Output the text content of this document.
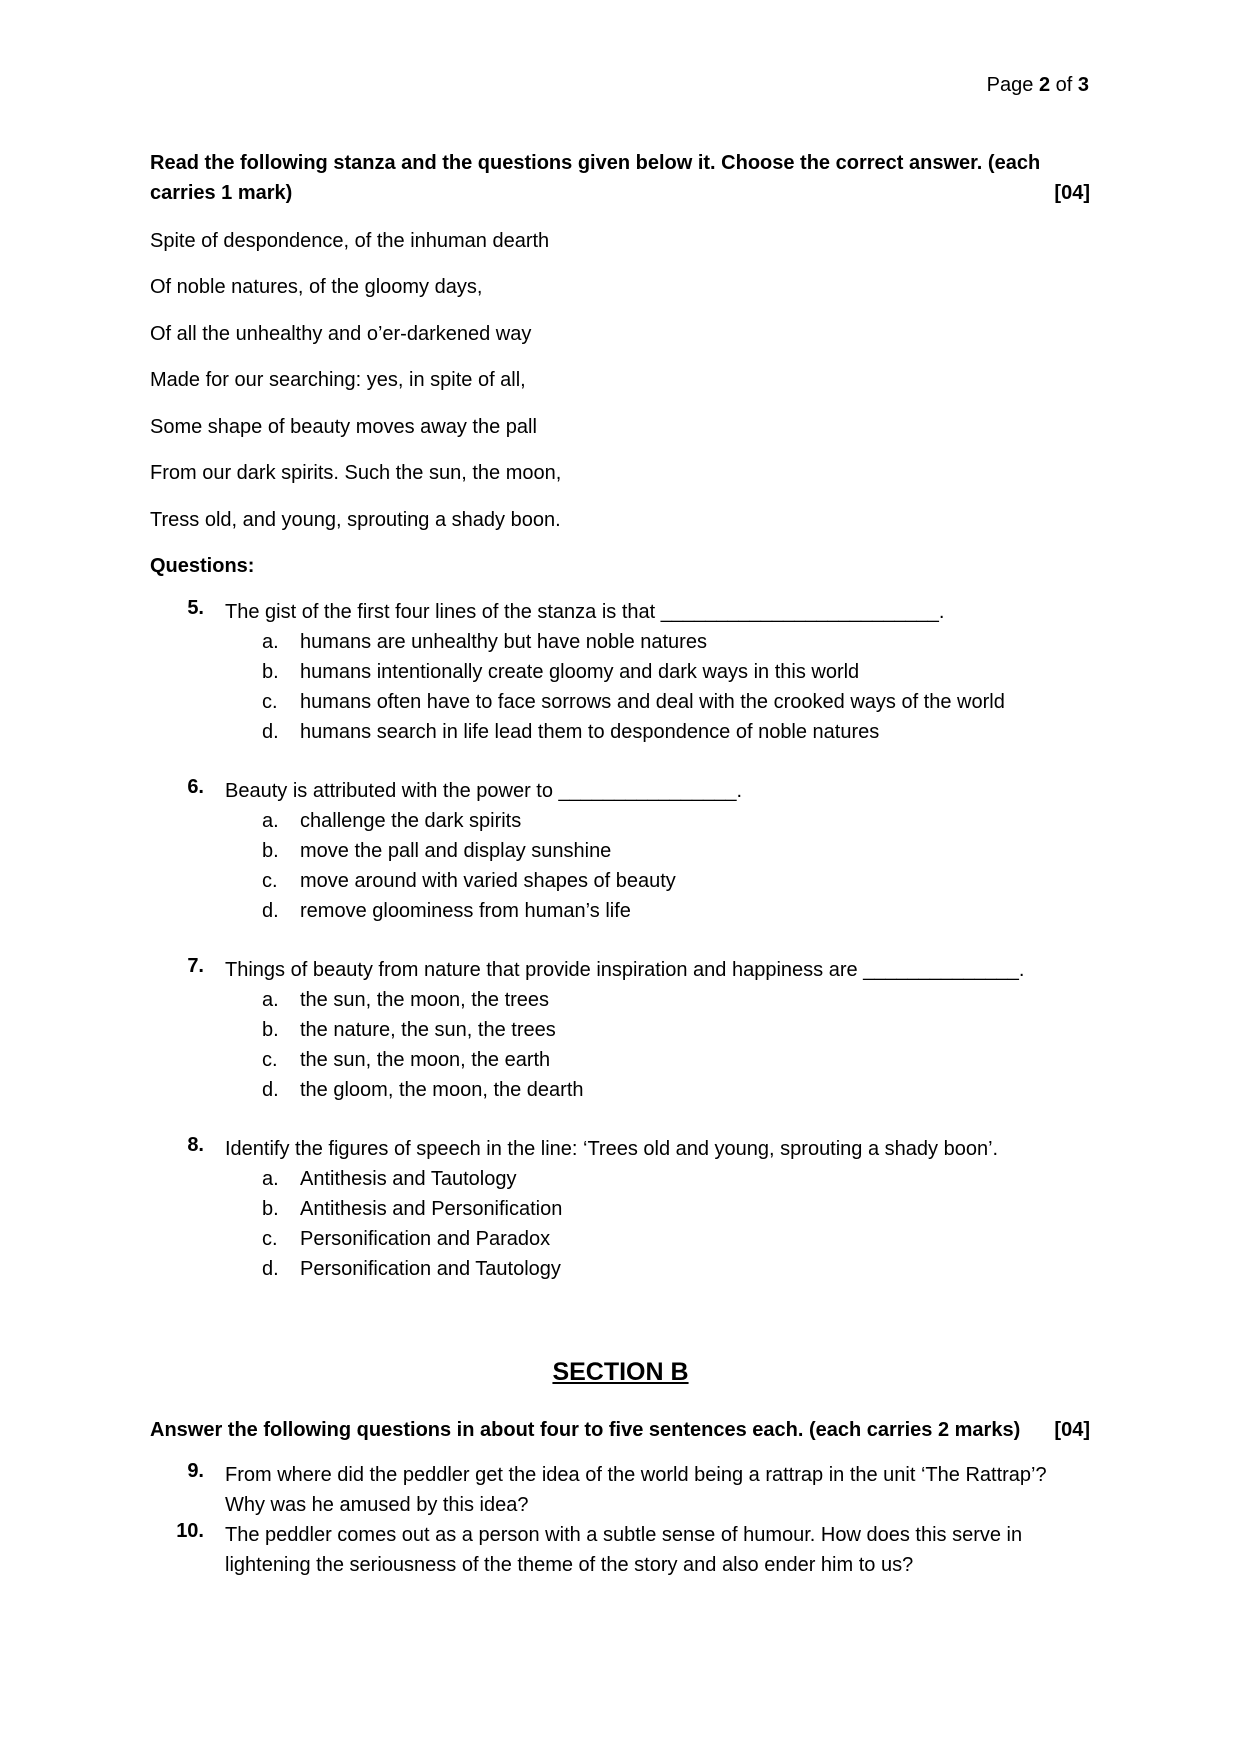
Page 2 of 3
Read the following stanza and the questions given below it. Choose the correct answer. (each carries 1 mark)	[04]
Spite of despondence, of the inhuman dearth
Of noble natures, of the gloomy days,
Of all the unhealthy and o’er-darkened way
Made for our searching: yes, in spite of all,
Some shape of beauty moves away the pall
From our dark spirits. Such the sun, the moon,
Tress old, and young, sprouting a shady boon.
Questions:
5. The gist of the first four lines of the stanza is that _________________________.
a. humans are unhealthy but have noble natures
b. humans intentionally create gloomy and dark ways in this world
c. humans often have to face sorrows and deal with the crooked ways of the world
d. humans search in life lead them to despondence of noble natures
6. Beauty is attributed with the power to ________________.
a. challenge the dark spirits
b. move the pall and display sunshine
c. move around with varied shapes of beauty
d. remove gloominess from human’s life
7. Things of beauty from nature that provide inspiration and happiness are ______________.
a. the sun, the moon, the trees
b. the nature, the sun, the trees
c. the sun, the moon, the earth
d. the gloom, the moon, the dearth
8. Identify the figures of speech in the line: ‘Trees old and young, sprouting a shady boon’.
a. Antithesis and Tautology
b. Antithesis and Personification
c. Personification and Paradox
d. Personification and Tautology
SECTION B
Answer the following questions in about four to five sentences each. (each carries 2 marks) [04]
9. From where did the peddler get the idea of the world being a rattrap in the unit ‘The Rattrap’? Why was he amused by this idea?
10. The peddler comes out as a person with a subtle sense of humour. How does this serve in lightening the seriousness of the theme of the story and also ender him to us?
